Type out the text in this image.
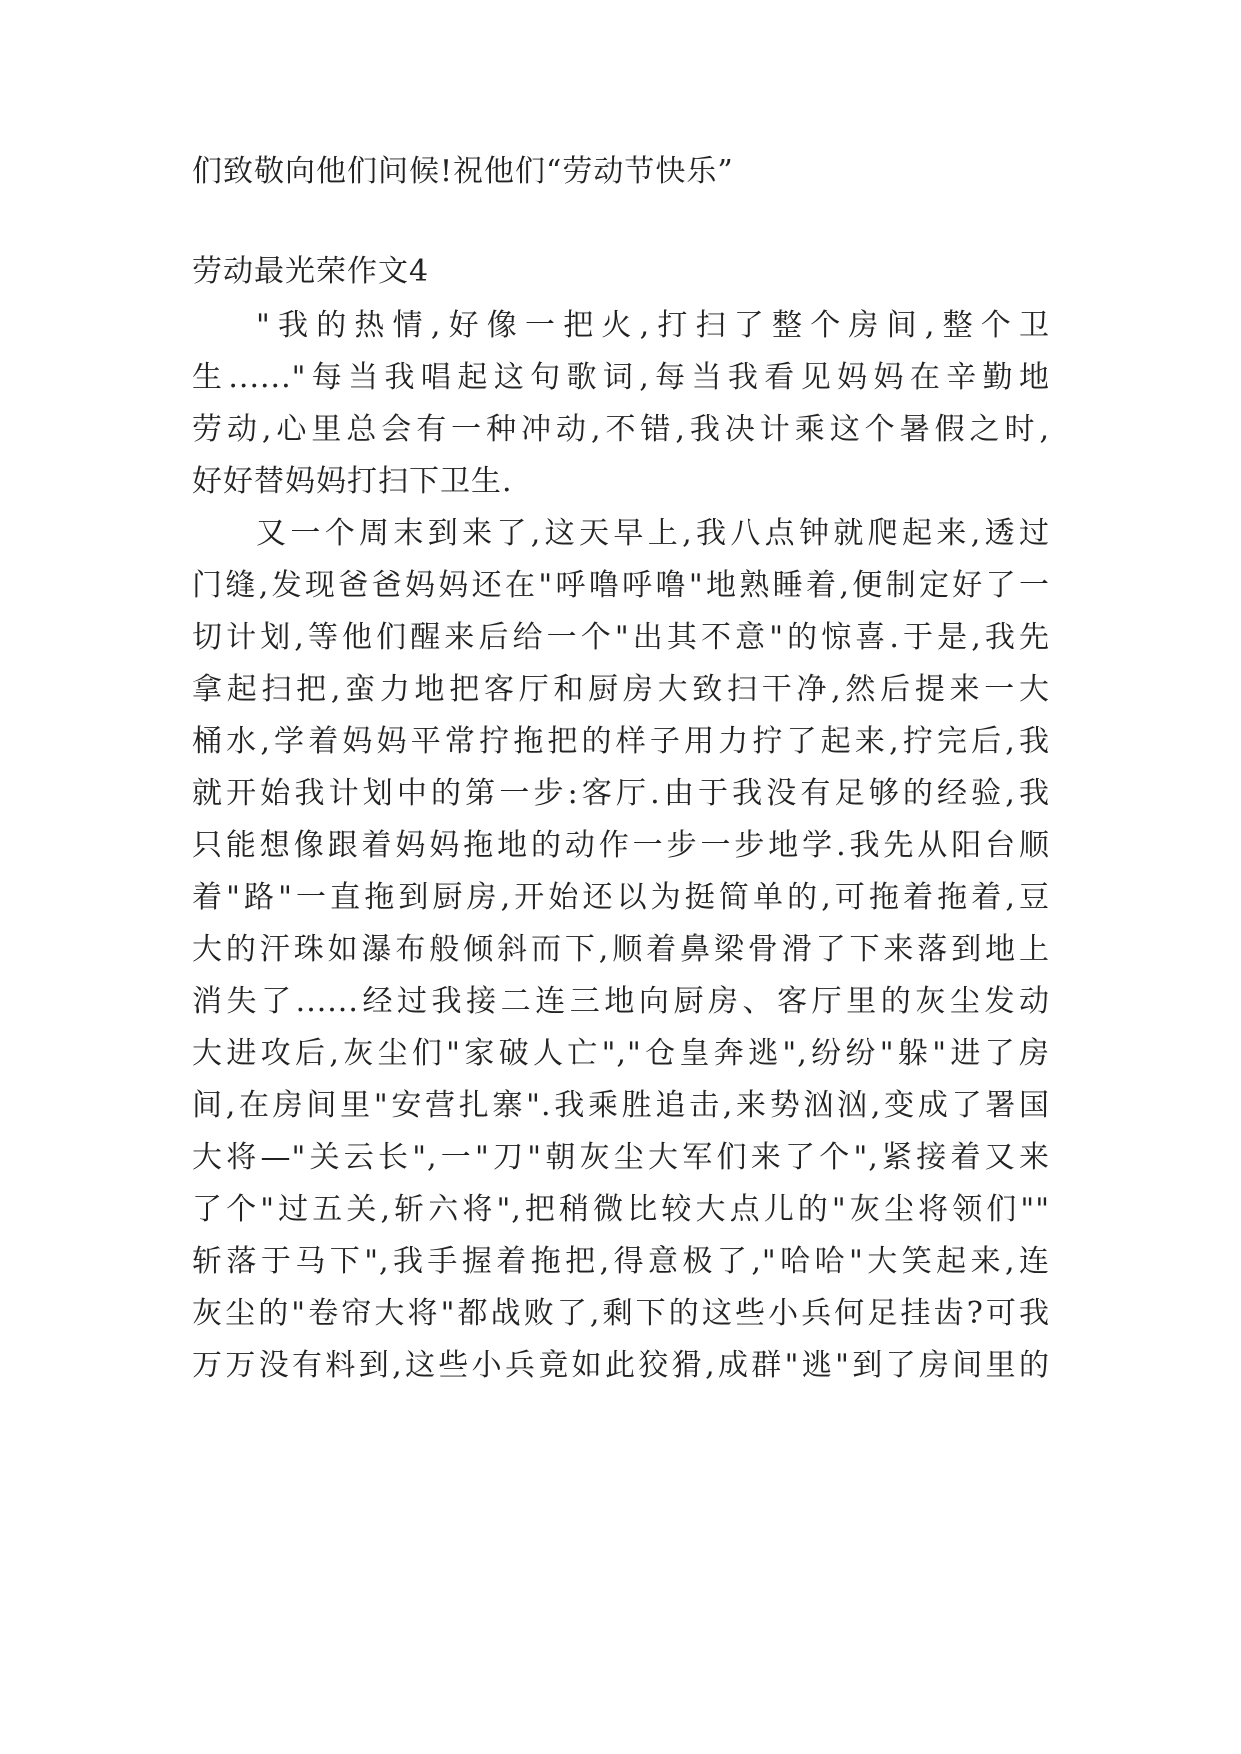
们致敬向他们问候!祝他们“劳动节快乐”
劳动最光荣作文4
"我的热情,好像一把火,打扫了整个房间,整个卫
生......"每当我唱起这句歌词,每当我看见妈妈在辛勤地
劳动,心里总会有一种冲动,不错,我决计乘这个暑假之时,
好好替妈妈打扫下卫生.
又一个周末到来了,这天早上,我八点钟就爬起来,透过
门缝,发现爸爸妈妈还在"呼噜呼噜"地熟睡着,便制定好了一
切计划,等他们醒来后给一个"出其不意"的惊喜.于是,我先
拿起扫把,蛮力地把客厅和厨房大致扫干净,然后提来一大
桶水,学着妈妈平常拧拖把的样子用力拧了起来,拧完后,我
就开始我计划中的第一步:客厅.由于我没有足够的经验,我
只能想像跟着妈妈拖地的动作一步一步地学.我先从阳台顺
着"路"一直拖到厨房,开始还以为挺简单的,可拖着拖着,豆
大的汗珠如瀑布般倾斜而下,顺着鼻梁骨滑了下来落到地上
消失了......经过我接二连三地向厨房、客厅里的灰尘发动
大进攻后,灰尘们"家破人亡","仓皇奔逃",纷纷"躲"进了房
间,在房间里"安营扎寨".我乘胜追击,来势汹汹,变成了署国
大将—"关云长",一"刀"朝灰尘大军们来了个",紧接着又来
了个"过五关,斩六将",把稍微比较大点儿的"灰尘将领们""
斩落于马下",我手握着拖把,得意极了,"哈哈"大笑起来,连
灰尘的"卷帘大将"都战败了,剩下的这些小兵何足挂齿?可我
万万没有料到,这些小兵竟如此狡猾,成群"逃"到了房间里的
